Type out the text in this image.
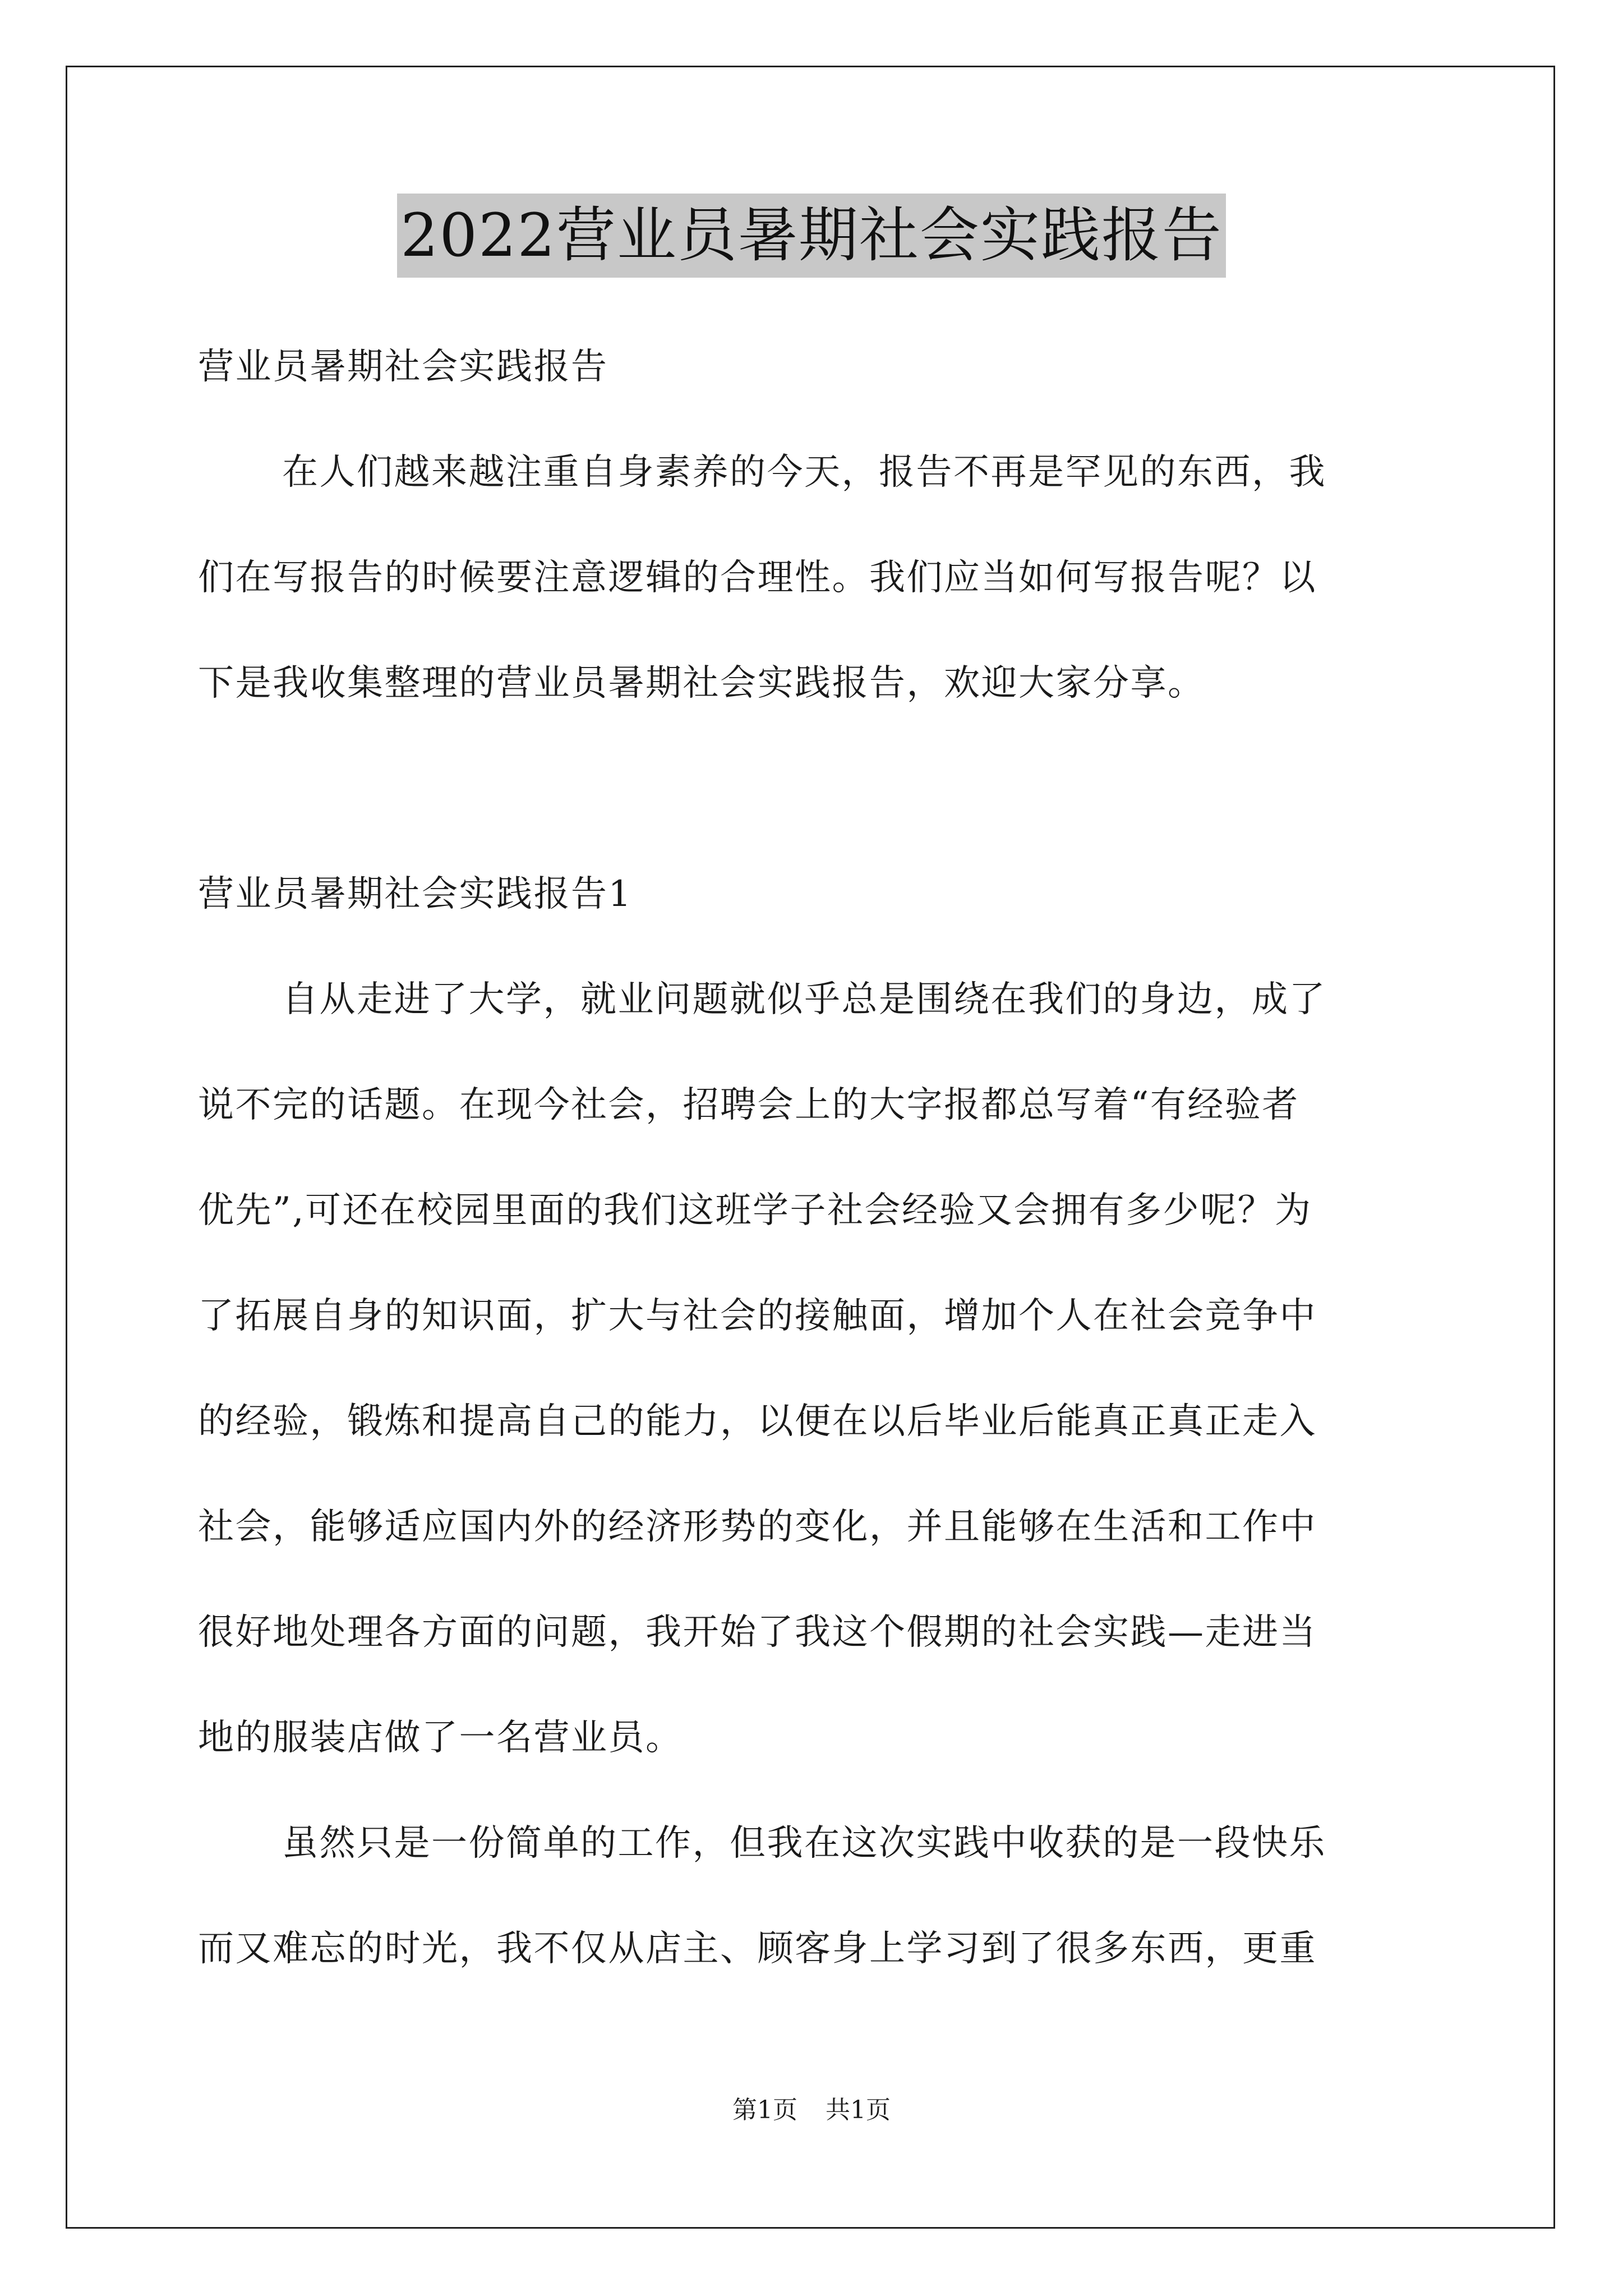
2022营业员暑期社会实践报告
营业员暑期社会实践报告
在人们越来越注重自身素养的今天，报告不再是罕见的东西，我
们在写报告的时候要注意逻辑的合理性。我们应当如何写报告呢？以
下是我收集整理的营业员暑期社会实践报告，欢迎大家分享。
营业员暑期社会实践报告1
自从走进了大学，就业问题就似乎总是围绕在我们的身边，成了
说不完的话题。在现今社会，招聘会上的大字报都总写着“有经验者
优先”,可还在校园里面的我们这班学子社会经验又会拥有多少呢？为
了拓展自身的知识面，扩大与社会的接触面，增加个人在社会竞争中
的经验，锻炼和提高自己的能力，以便在以后毕业后能真正真正走入
社会，能够适应国内外的经济形势的变化，并且能够在生活和工作中
很好地处理各方面的问题，我开始了我这个假期的社会实践—走进当
地的服装店做了一名营业员。
虽然只是一份简单的工作，但我在这次实践中收获的是一段快乐
而又难忘的时光，我不仅从店主、顾客身上学习到了很多东西，更重
第1页 共1页
